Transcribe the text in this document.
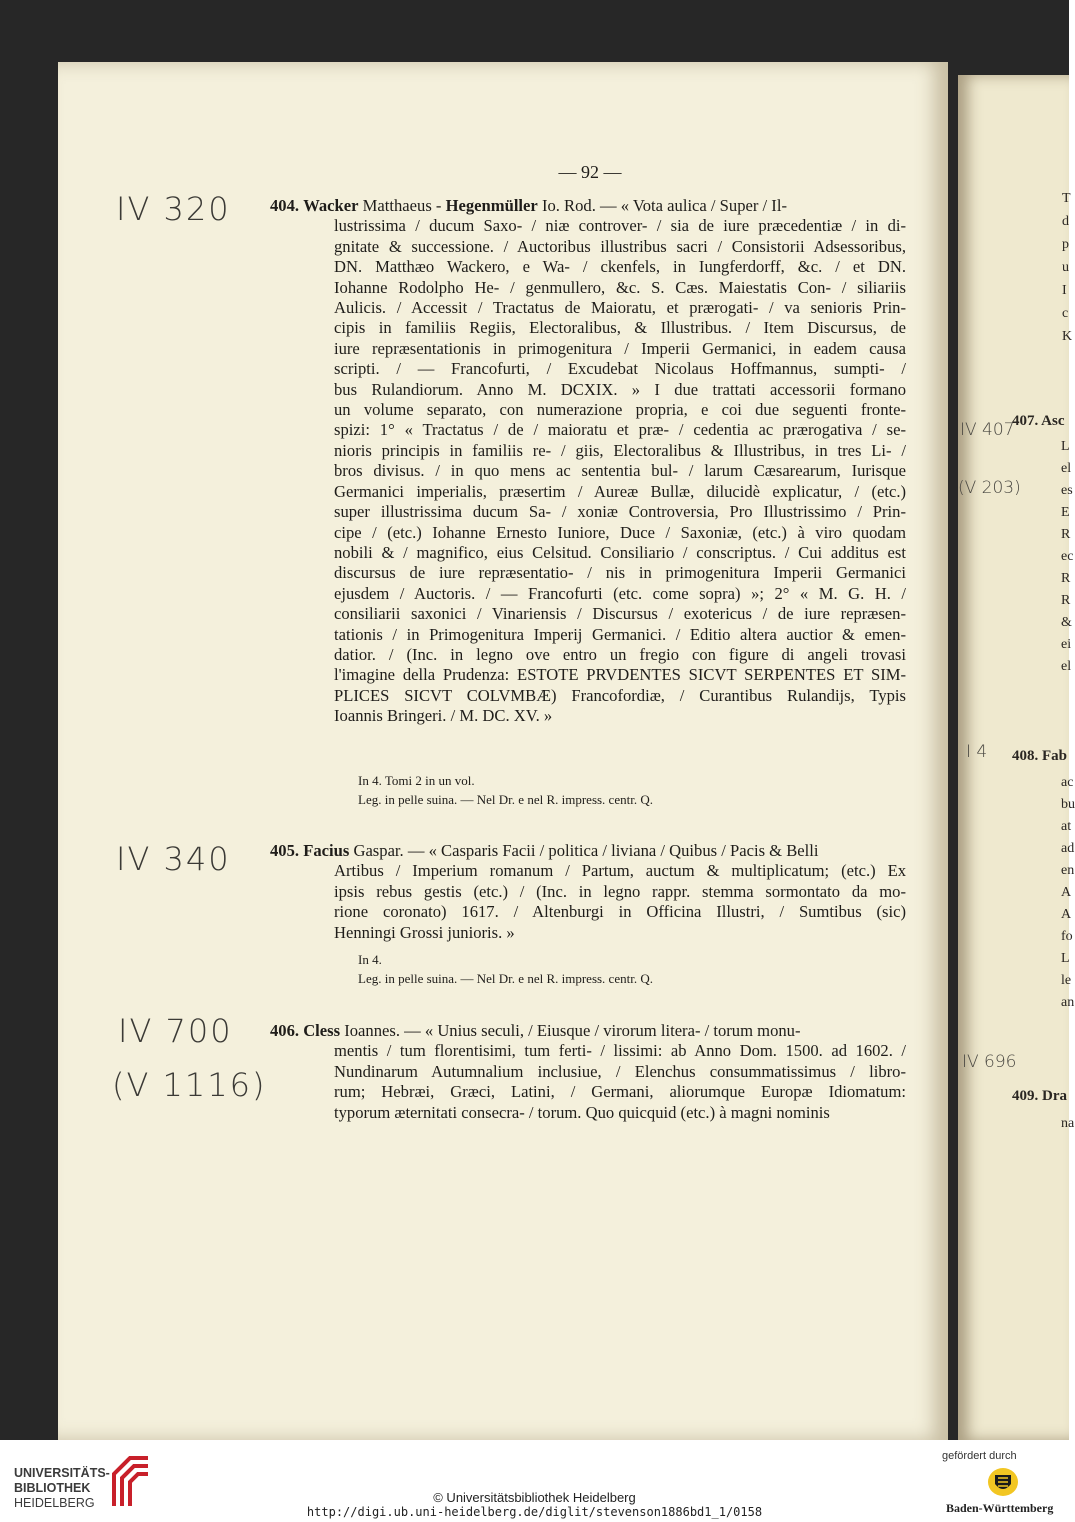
407. Asc
408. Fab
409. Dra
T
d
p
u
I
c
K
L
el
es
E
R
ec
R
R
&
ei
el
ac
bu
at
ad
en
A
A
fo
L
le
an
na
— 92 —
IV 320
IV 340
IV 700
(V 1116)
IV 407
(V 203)
I 4
IV 696
404. Wacker Matthaeus - Hegenmüller Io. Rod. — « Vota aulica / Super / Il-
lustrissima / ducum Saxo- / niæ controver- / sia de iure præcedentiæ / in di-
gnitate & successione. / Auctoribus illustribus sacri / Consistorii Adsessoribus,
DN. Matthæo Wackero, e Wa- / ckenfels, in Iungferdorff, &c. / et DN.
Iohanne Rodolpho He- / genmullero, &c. S. Cæs. Maiestatis Con- / siliariis
Aulicis. / Accessit / Tractatus de Maioratu, et prærogati- / va senioris Prin-
cipis in familiis Regiis, Electoralibus, & Illustribus. / Item Discursus, de
iure repræsentationis in primogenitura / Imperii Germanici, in eadem causa
scripti. / — Francofurti, / Excudebat Nicolaus Hoffmannus, sumpti- /
bus Rulandiorum. Anno M. DCXIX. » I due trattati accessorii formano
un volume separato, con numerazione propria, e coi due seguenti fronte-
spizi: 1° « Tractatus / de / maioratu et præ- / cedentia ac prærogativa / se-
nioris principis in familiis re- / giis, Electoralibus & Illustribus, in tres Li- /
bros divisus. / in quo mens ac sententia bul- / larum Cæsarearum, Iurisque
Germanici imperialis, præsertim / Aureæ Bullæ, dilucidè explicatur, / (etc.)
super illustrissima ducum Sa- / xoniæ Controversia, Pro Illustrissimo / Prin-
cipe / (etc.) Iohanne Ernesto Iuniore, Duce / Saxoniæ, (etc.) à viro quodam
nobili & / magnifico, eius Celsitud. Consiliario / conscriptus. / Cui additus est
discursus de iure repræsentatio- / nis in primogenitura Imperii Germanici
ejusdem / Auctoris. / — Francofurti (etc. come sopra) »; 2° « M. G. H. /
consiliarii saxonici / Vinariensis / Discursus / exotericus / de iure repræsen-
tationis / in Primogenitura Imperij Germanici. / Editio altera auctior & emen-
datior. / (Inc. in legno ove entro un fregio con figure di angeli trovasi
l'imagine della Prudenza: ESTOTE PRVDENTES SICVT SERPENTES ET SIM-
PLICES SICVT COLVMBÆ) Francofordiæ, / Curantibus Rulandijs, Typis
Ioannis Bringeri. / M. DC. XV. »
In 4. Tomi 2 in un vol.
Leg. in pelle suina. — Nel Dr. e nel R. impress. centr. Q.
405. Facius Gaspar. — « Casparis Facii / politica / liviana / Quibus / Pacis & Belli
Artibus / Imperium romanum / Partum, auctum & multiplicatum; (etc.) Ex
ipsis rebus gestis (etc.) / (Inc. in legno rappr. stemma sormontato da mo-
rione coronato) 1617. / Altenburgi in Officina Illustri, / Sumtibus (sic)
Henningi Grossi junioris. »
In 4.
Leg. in pelle suina. — Nel Dr. e nel R. impress. centr. Q.
406. Cless Ioannes. — « Unius seculi, / Eiusque / virorum litera- / torum monu-
mentis / tum florentisimi, tum ferti- / lissimi: ab Anno Dom. 1500. ad 1602. /
Nundinarum Autumnalium inclusiue, / Elenchus consummatissimus / libro-
rum; Hebræi, Græci, Latini, / Germani, aliorumque Europæ Idiomatum:
typorum æternitati consecra- / torum. Quo quicquid (etc.) à magni nominis
UNIVERSITÄTS-
BIBLIOTHEK
HEIDELBERG	© Universitätsbibliothek Heidelberg
http://digi.ub.uni-heidelberg.de/diglit/stevenson1886bd1_1/0158
gefördert durch
Baden-Württemberg
